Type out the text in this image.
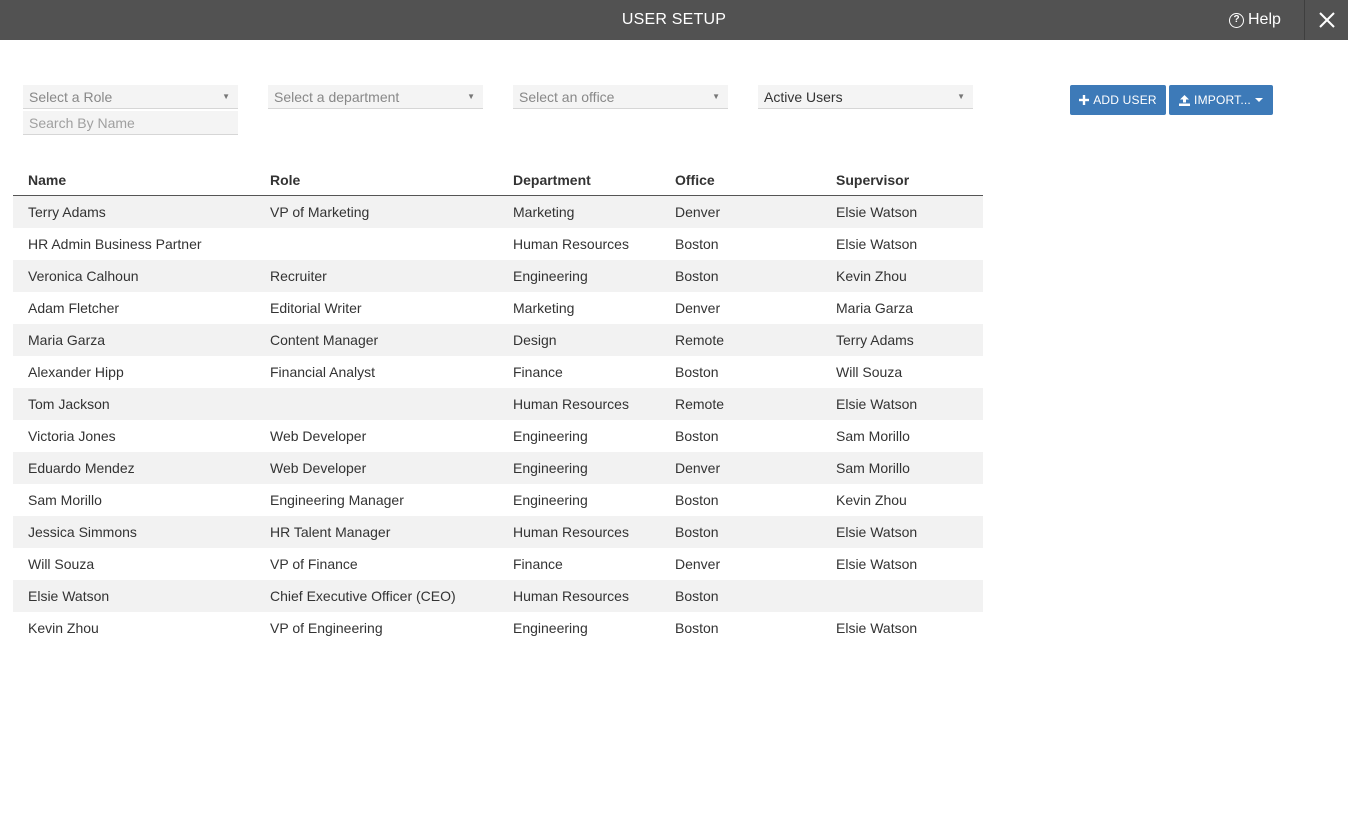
USER SETUP	? Help
Select a Role	▼
Search By Name	Select a department	▼	Select an office	▼	Active Users	▼	ADD USER	IMPORT...
Name	Role	Department	Office	Supervisor
Terry Adams	VP of Marketing	Marketing	Denver	Elsie Watson
HR Admin Business Partner		Human Resources	Boston	Elsie Watson
Veronica Calhoun	Recruiter	Engineering	Boston	Kevin Zhou
Adam Fletcher	Editorial Writer	Marketing	Denver	Maria Garza
Maria Garza	Content Manager	Design	Remote	Terry Adams
Alexander Hipp	Financial Analyst	Finance	Boston	Will Souza
Tom Jackson		Human Resources	Remote	Elsie Watson
Victoria Jones	Web Developer	Engineering	Boston	Sam Morillo
Eduardo Mendez	Web Developer	Engineering	Denver	Sam Morillo
Sam Morillo	Engineering Manager	Engineering	Boston	Kevin Zhou
Jessica Simmons	HR Talent Manager	Human Resources	Boston	Elsie Watson
Will Souza	VP of Finance	Finance	Denver	Elsie Watson
Elsie Watson	Chief Executive Officer (CEO)	Human Resources	Boston	
Kevin Zhou	VP of Engineering	Engineering	Boston	Elsie Watson
